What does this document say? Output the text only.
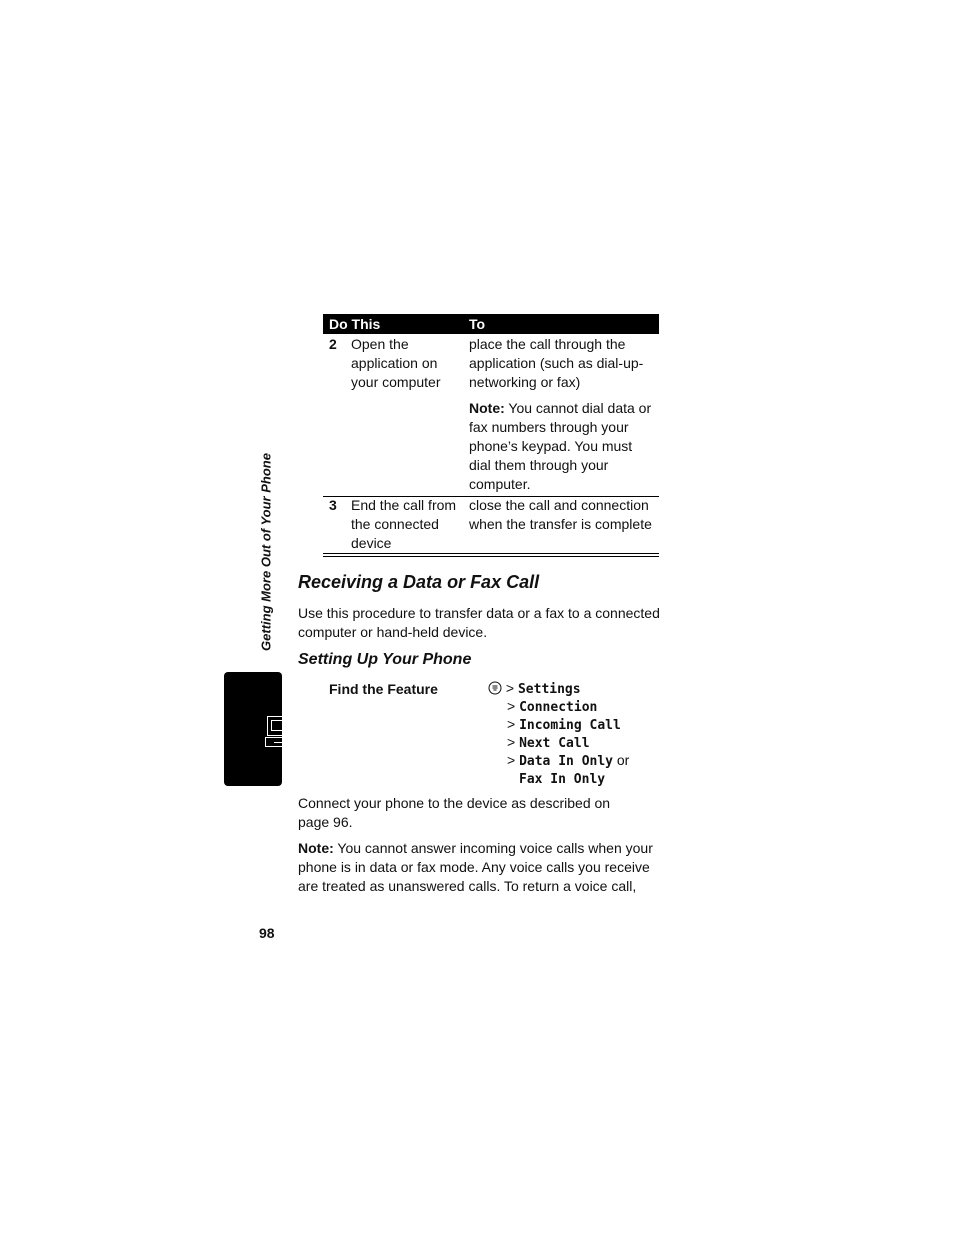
Getting More Out of Your Phone
Do This	To
2 Open the application on your computer
place the call through the application (such as dial-up-networking or fax)
Note: You cannot dial data or fax numbers through your phone’s keypad. You must dial them through your computer.
3 End the call from the connected device
close the call and connection when the transfer is complete
Receiving a Data or Fax Call
Use this procedure to transfer data or a fax to a connected computer or hand-held device.
Setting Up Your Phone
Find the Feature	> Settings
> Connection
> Incoming Call
> Next Call
> Data In Only or
Fax In Only
Connect your phone to the device as described on page 96.
Note: You cannot answer incoming voice calls when your phone is in data or fax mode. Any voice calls you receive are treated as unanswered calls. To return a voice call,
98
